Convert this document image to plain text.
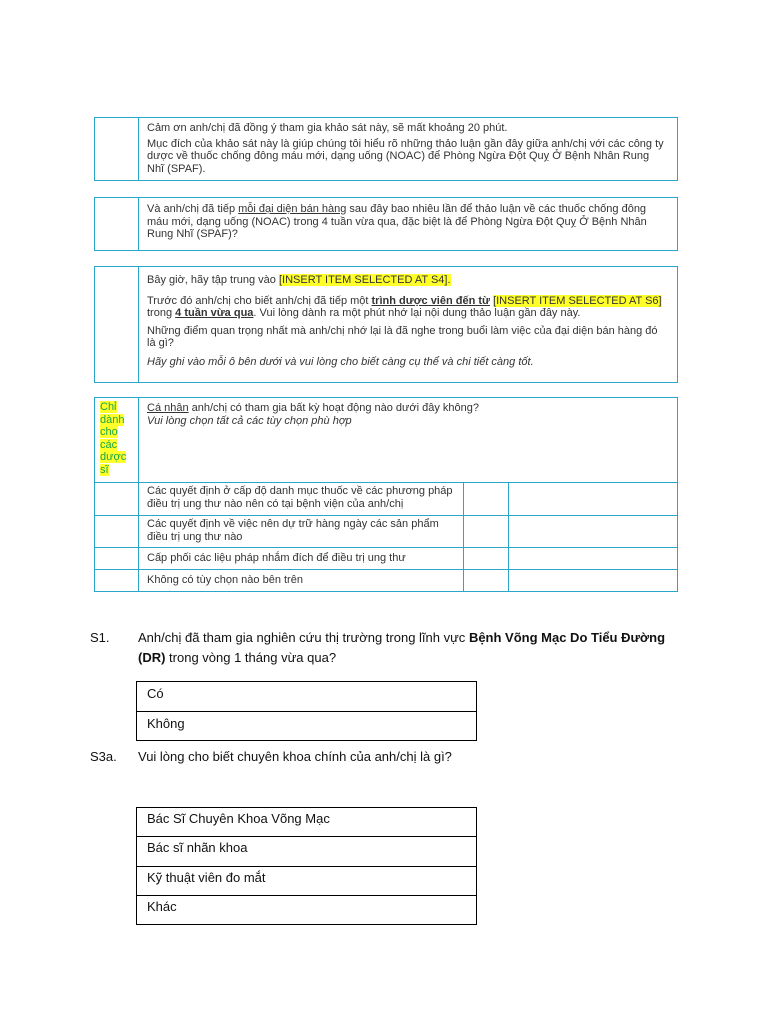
Cảm ơn anh/chị đã đồng ý tham gia khảo sát này, sẽ mất khoảng 20 phút.

Mục đích của khảo sát này là giúp chúng tôi hiểu rõ những thảo luận gần đây giữa anh/chị với các công ty dược về thuốc chống đông máu mới, dạng uống (NOAC) để Phòng Ngừa Đột Quỵ Ở Bệnh Nhân Rung Nhĩ (SPAF).

Và anh/chị đã tiếp mỗi đại diện bán hàng sau đây bao nhiêu lần để thảo luận về các thuốc chống đông máu mới, dạng uống (NOAC) trong 4 tuần vừa qua, đặc biệt là để Phòng Ngừa Đột Quỵ Ở Bệnh Nhân Rung Nhĩ (SPAF)?

Bây giờ, hãy tập trung vào [INSERT ITEM SELECTED AT S4].

Trước đó anh/chị cho biết anh/chị đã tiếp một trình dược viên đến từ [INSERT ITEM SELECTED AT S6] trong 4 tuần vừa qua. Vui lòng dành ra một phút nhớ lại nội dung thảo luận gần đây này.

Những điểm quan trọng nhất mà anh/chị nhớ lại là đã nghe trong buổi làm việc của đại diện bán hàng đó là gì?

Hãy ghi vào mỗi ô bên dưới và vui lòng cho biết càng cụ thể và chi tiết càng tốt.

Chỉ dành cho các dược sĩ

Cá nhân anh/chị có tham gia bất kỳ hoạt động nào dưới đây không?

Vui lòng chọn tất cả các tùy chọn phù hợp

Các quyết định ở cấp độ danh mục thuốc về các phương pháp điều trị ung thư nào nên có tại bệnh viện của anh/chị
Các quyết định về việc nên dự trữ hàng ngày các sản phẩm điều trị ung thư nào
Cấp phối các liệu pháp nhắm đích để điều trị ung thư
Không có tùy chọn nào bên trên
S1. Anh/chị đã tham gia nghiên cứu thị trường trong lĩnh vực Bệnh Võng Mạc Do Tiểu Đường
(DR) trong vòng 1 tháng vừa qua?
Có
Không
S3a. Vui lòng cho biết chuyên khoa chính của anh/chị là gì?
Bác Sĩ Chuyên Khoa Võng Mạc
Bác sĩ nhãn khoa
Kỹ thuật viên đo mắt
Khác
